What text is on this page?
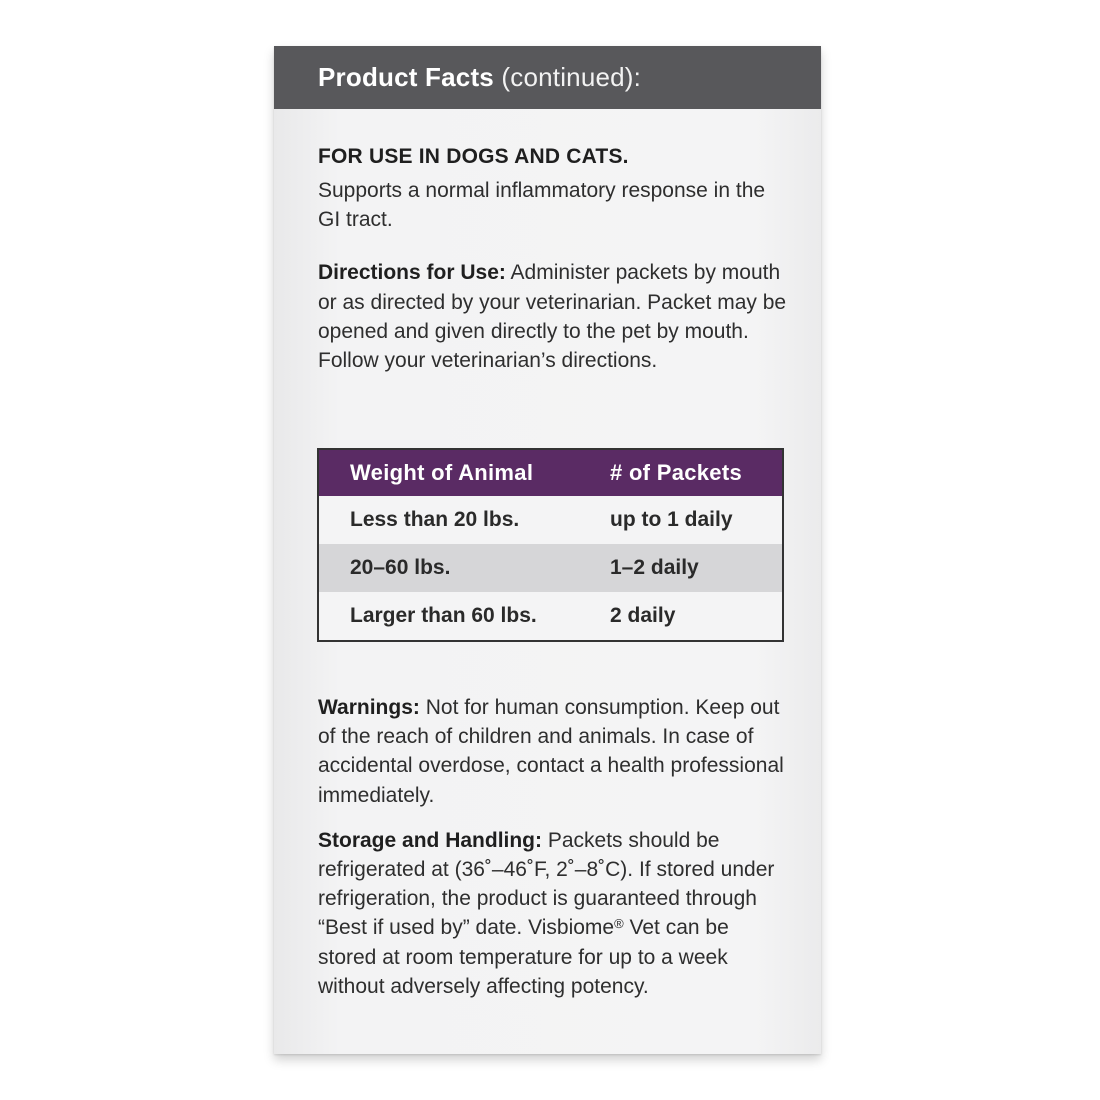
Product Facts (continued):

FOR USE IN DOGS AND CATS.

Supports a normal inflammatory response in the GI tract.

Directions for Use: Administer packets by mouth or as directed by your veterinarian. Packet may be opened and given directly to the pet by mouth. Follow your veterinarian’s directions.

Weight of Animal	# of Packets
Less than 20 lbs.	up to 1 daily
20–60 lbs.	1–2 daily
Larger than 60 lbs.	2 daily

Warnings: Not for human consumption. Keep out of the reach of children and animals. In case of accidental overdose, contact a health professional immediately.

Storage and Handling: Packets should be refrigerated at (36˚–46˚F, 2˚–8˚C). If stored under refrigeration, the product is guaranteed through “Best if used by” date. Visbiome® Vet can be stored at room temperature for up to a week without adversely affecting potency.
